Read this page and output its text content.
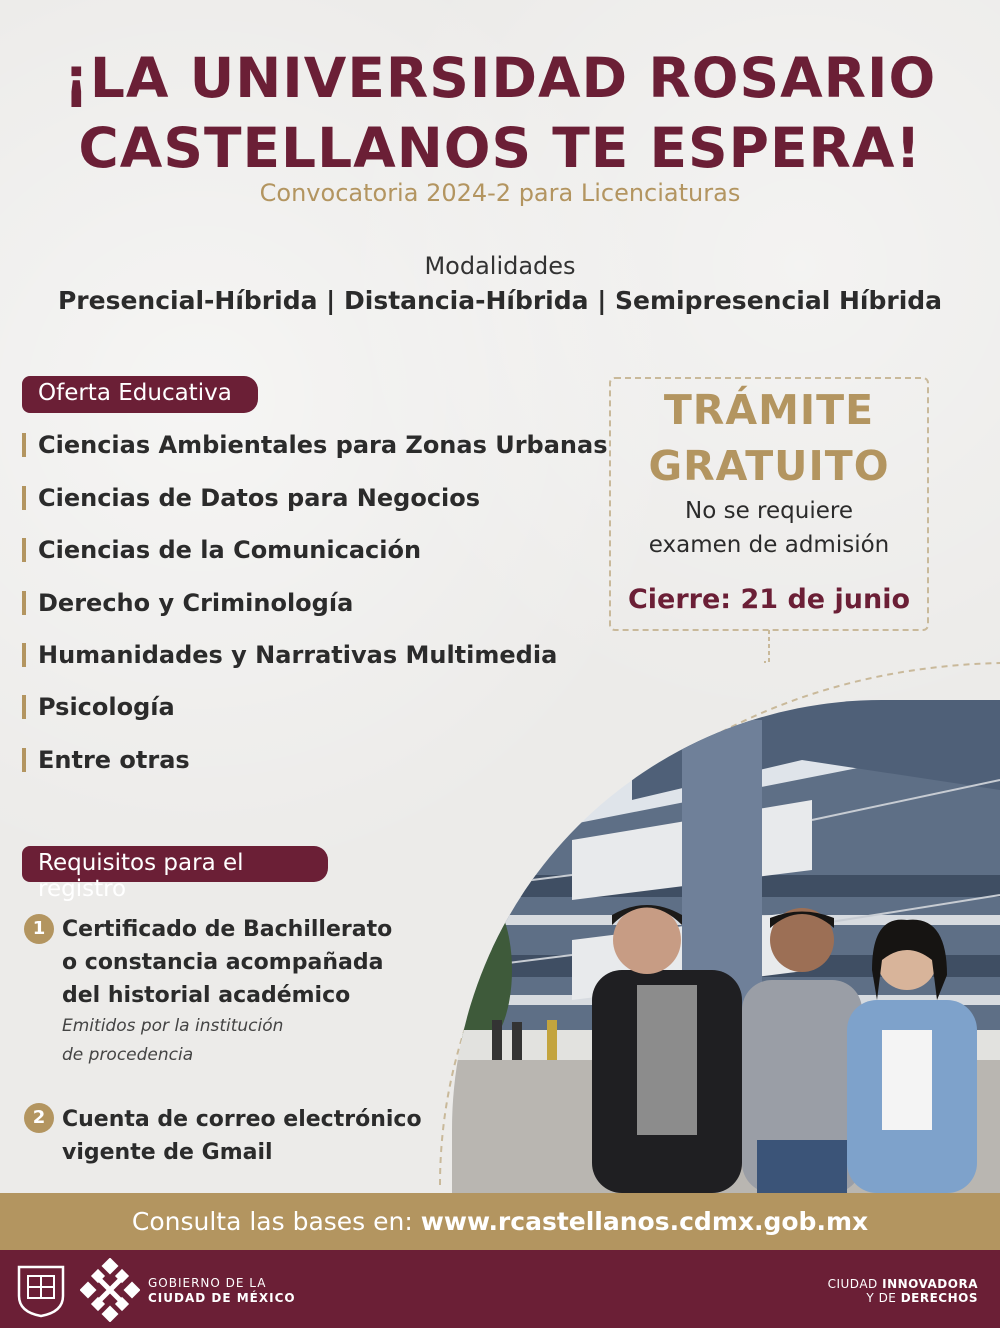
¡LA UNIVERSIDAD ROSARIO
CASTELLANOS TE ESPERA!
Convocatoria 2024-2 para Licenciaturas
Modalidades
Presencial-Híbrida | Distancia-Híbrida | Semipresencial Híbrida
Oferta Educativa
Ciencias Ambientales para Zonas Urbanas
Ciencias de Datos para Negocios
Ciencias de la Comunicación
Derecho y Criminología
Humanidades y Narrativas Multimedia
Psicología
Entre otras
TRÁMITE
GRATUITO
No se requiere
examen de admisión
Cierre: 21 de junio
Requisitos para el registro
1 Certificado de Bachillerato
o constancia acompañada
del historial académico
Emitidos por la institución
de procedencia
2 Cuenta de correo electrónico
vigente de Gmail
Consulta las bases en: www.rcastellanos.cdmx.gob.mx
GOBIERNO DE LA
CIUDAD DE MÉXICO
CIUDAD INNOVADORA
Y DE DERECHOS
